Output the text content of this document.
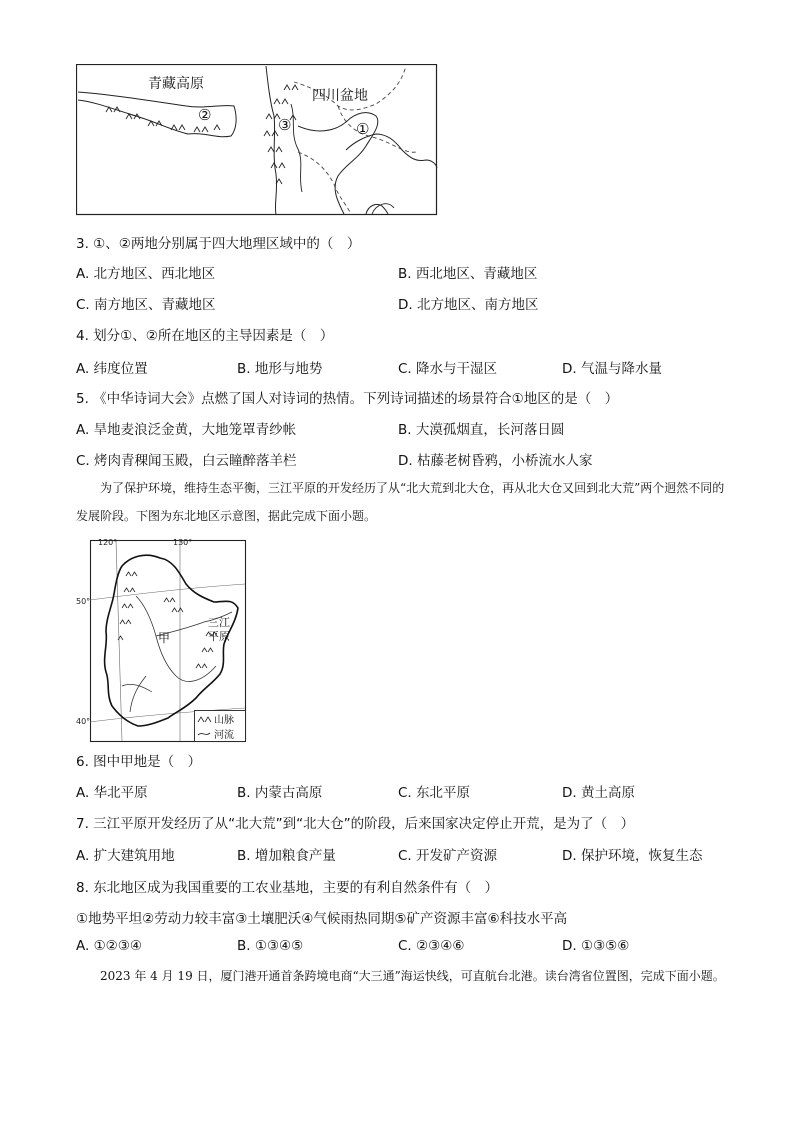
青藏高原
四川盆地
②
③	①
3. ①、②两地分别属于四大地理区域中的（　）
A. 北方地区、西北地区	B. 西北地区、青藏地区
C. 南方地区、青藏地区	D. 北方地区、南方地区
4. 划分①、②所在地区的主导因素是（　）
A. 纬度位置	B. 地形与地势	C. 降水与干湿区	D. 气温与降水量
5. 《中华诗词大会》点燃了国人对诗词的热情。下列诗词描述的场景符合①地区的是（　）
A. 旱地麦浪泛金黄，大地笼罩青纱帐	B. 大漠孤烟直，长河落日圆
C. 烤肉青稞闻玉殿，白云瞳醉落羊栏	D. 枯藤老树昏鸦，小桥流水人家
为了保护环境，维持生态平衡，三江平原的开发经历了从“北大荒到北大仓，再从北大仓又回到北大荒”两个迥然不同的发展阶段。下图为东北地区示意图，据此完成下面小题。
120°	130°
50°
40°
甲
三江
平原
山脉
河流
6. 图中甲地是（　）
A. 华北平原	B. 内蒙古高原	C. 东北平原	D. 黄土高原
7. 三江平原开发经历了从“北大荒”到“北大仓”的阶段，后来国家决定停止开荒，是为了（　）
A. 扩大建筑用地	B. 增加粮食产量	C. 开发矿产资源	D. 保护环境，恢复生态
8. 东北地区成为我国重要的工农业基地，主要的有利自然条件有（　）
①地势平坦②劳动力较丰富③土壤肥沃④气候雨热同期⑤矿产资源丰富⑥科技水平高
A. ①②③④	B. ①③④⑤	C. ②③④⑥	D. ①③⑤⑥
2023 年 4 月 19 日，厦门港开通首条跨境电商“大三通”海运快线，可直航台北港。读台湾省位置图，完成下面小题。
